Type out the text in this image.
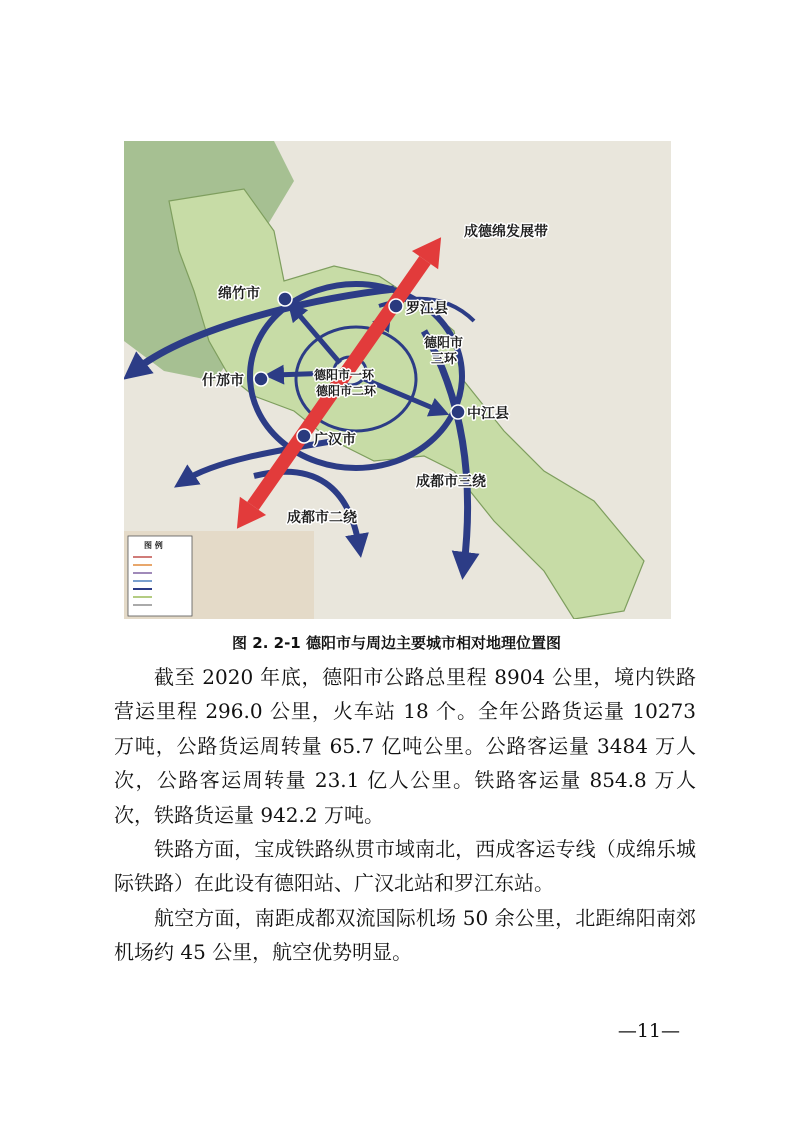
成德绵发展带
绵竹市
罗江县
什邡市
中江县
广汉市
德阳市一环
德阳市二环
德阳市
三环
成都市三绕
成都市二绕
图 例
图 2. 2-1 德阳市与周边主要城市相对地理位置图

截至 2020 年底，德阳市公路总里程 8904 公里，境内铁路营运里程 296.0 公里，火车站 18 个。全年公路货运量 10273 万吨，公路货运周转量 65.7 亿吨公里。公路客运量 3484 万人次，公路客运周转量 23.1 亿人公里。铁路客运量 854.8 万人次，铁路货运量 942.2 万吨。

铁路方面，宝成铁路纵贯市域南北，西成客运专线（成绵乐城际铁路）在此设有德阳站、广汉北站和罗江东站。

航空方面，南距成都双流国际机场 50 余公里，北距绵阳南郊机场约 45 公里，航空优势明显。

—11—
